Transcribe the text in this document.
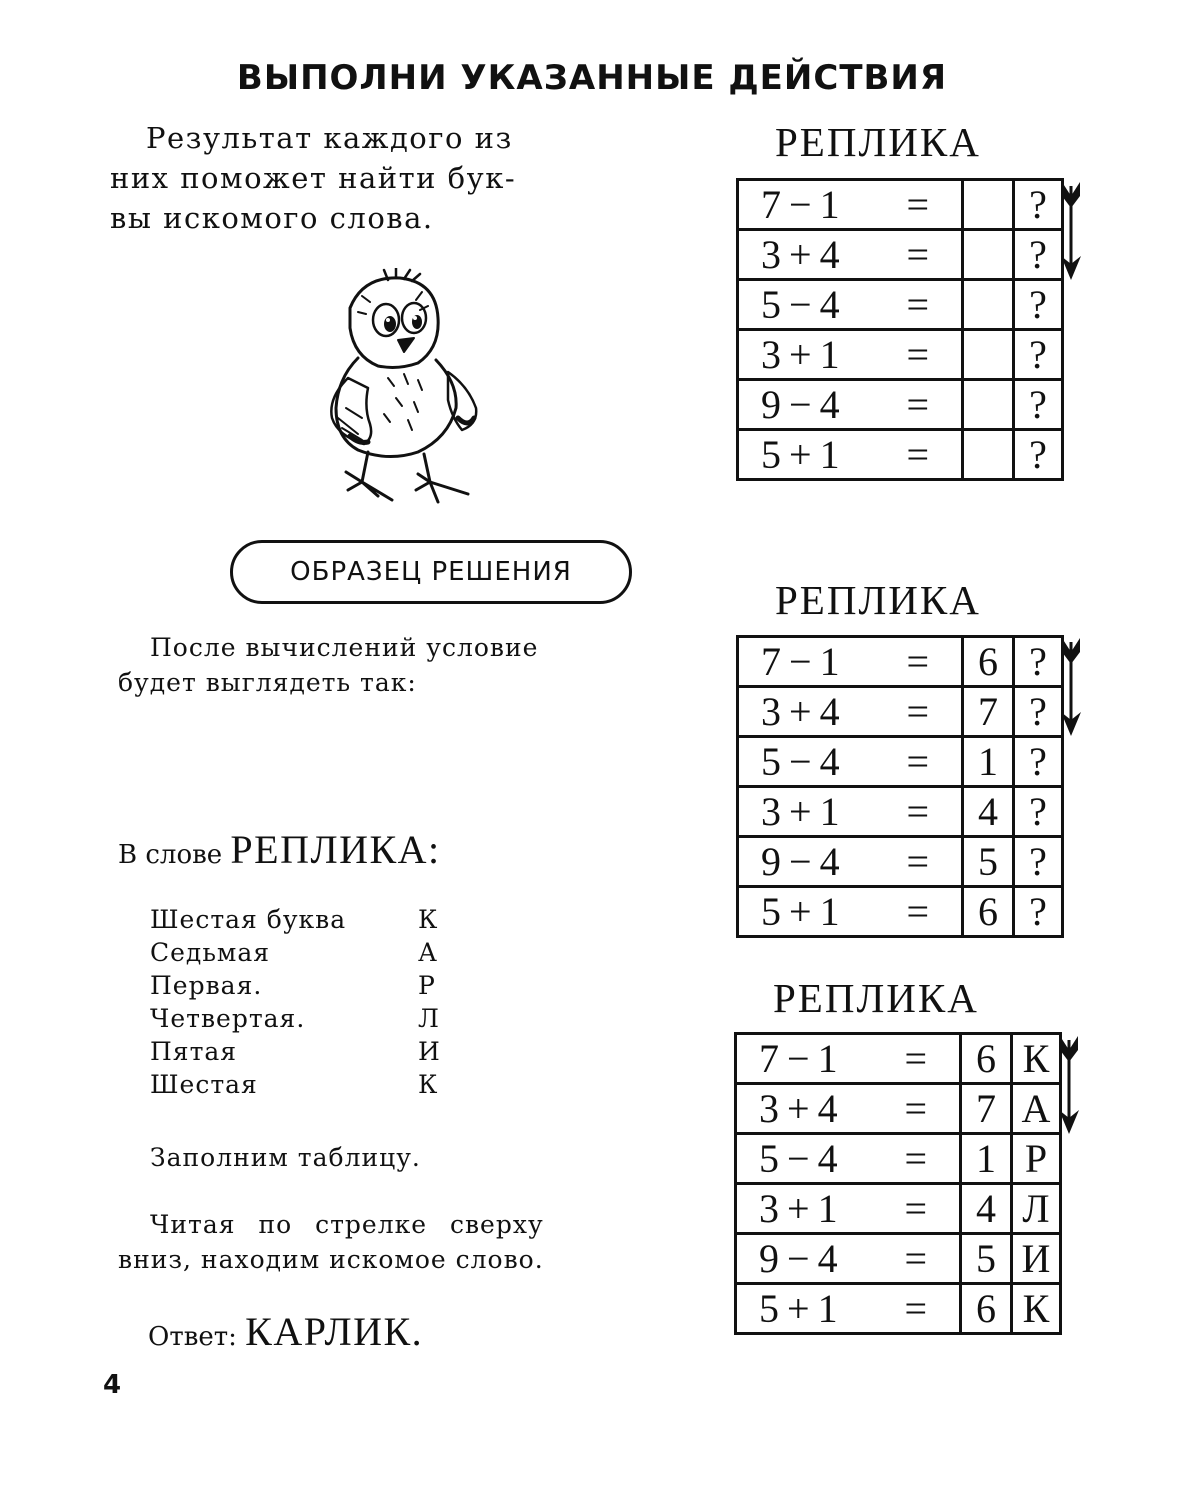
ВЫПОЛНИ УКАЗАННЫЕ ДЕЙСТВИЯ
Результат каждого из
них поможет найти бук-
вы искомого слова.
ОБРАЗЕЦ РЕШЕНИЯ
После вычислений условие
будет выглядеть так:
В слове РЕПЛИКА:
Шестая буква	К
Седьмая	А
Первая.	Р
Четвертая.	Л
Пятая	И
Шестая	К
Заполним таблицу.
Читая по стрелке сверху
вниз, находим искомое слово.
Ответ: КАРЛИК.
4
РЕПЛИКА
7 − 1 =		?

3 + 4 =		?

5 − 4 =		?

3 + 1 =		?

9 − 4 =		?

5 + 1 =		?
РЕПЛИКА
7 − 1 =	6	?

3 + 4 =	7	?

5 − 4 =	1	?

3 + 1 =	4	?

9 − 4 =	5	?

5 + 1 =	6	?
РЕПЛИКА
7 − 1 =	6	К

3 + 4 =	7	А

5 − 4 =	1	Р

3 + 1 =	4	Л

9 − 4 =	5	И

5 + 1 =	6	К
